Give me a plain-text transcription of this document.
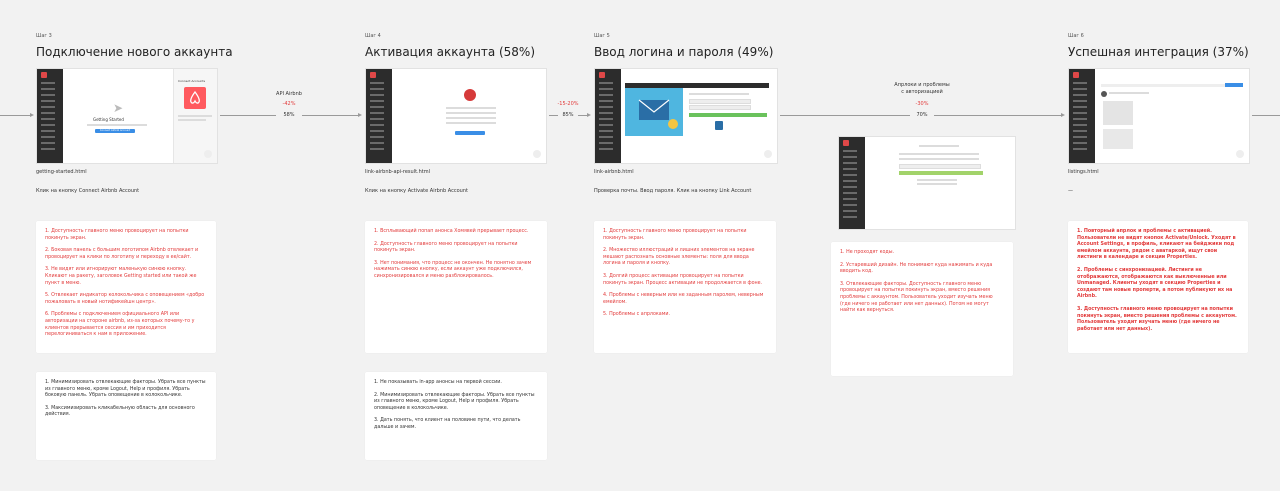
Шаг 3
Подключение нового аккаунта
Шаг 4
Активация аккаунта (58%)
Шаг 5
Ввод логина и пароля (49%)
Шаг 6
Успешная интеграция (37%)
➤
Getting Started
Connect Airbnb Account
Connect Accounts
getting-started.html
Клик на кнопку Connect Airbnb Account
link-airbnb-api-result.html
Клик на кнопку Activate Airbnb Account
link-airbnb.html
Проверка почты. Ввод пароля. Клик на кнопку Link Account
listings.html
—
API Airbnb
-42%
58%
-15-20%
85%
Апрлоки и проблемы
с авторизацией
-30%
70%

1. Доступность главного меню провоцирует на попытки покинуть экран.

2. Боковая панель с большим логотипом Airbnb отвлекает и провоцирует на клики по логотипу и переходу в ее/сайт.

3. Не видят или игнорируют маленькую синюю кнопку. Кликают на ракету, заголовок Getting started или такой же пункт в меню.

5. Отвлекает индикатор колокольчика с оповещением «добро пожаловать в новый нотификейшн центр».

6. Проблемы с подключением официального API или авторизации на стороне airbnb, из-за которых почему-то у клиентов прерывается сессия и им приходится перелогиниваться к нам в приложение.

1. Всплывающий попап анонса Хомявей прерывает процесс.

2. Доступность главного меню провоцирует на попытки покинуть экран.

3. Нет понимания, что процесс не окончен. Не понятно зачем нажимать синюю кнопку, если аккаунт уже подключился, синхронизировался и меню разблокировалось.

1. Доступность главного меню провоцирует на попытки покинуть экран.

2. Множество иллюстраций и лишних элементов на экране мешают распознать основные элементы: поля для ввода логина и пароля и кнопку.

3. Долгий процесс активации провоцирует на попытки покинуть экран. Процесс активации не продолжается в фоне.

4. Проблемы с неверным или не заданным паролем, неверным емейлом.

5. Проблемы с апрлоками.

1. Не проходят коды.

2. Устаревший дизайн. Не понимают куда нажимать и куда вводить код.

3. Отвлекающие факторы. Доступность главного меню провоцирует на попытки покинуть экран, вместо решения проблемы с аккаунтом. Пользователь уходит изучать меню (где ничего не работает или нет данных). Потом не могут найти как вернуться.

1. Повторный апрлок и проблемы с активацией. Пользователи не видят кнопок Activate/Unlock. Уходят в Account Settings, в профиль, кликают на бейджики под емейлом аккаунта, рядом с аватаркой, ищут свои листинги в календаре и секции Properties.

2. Проблемы с синхронизацией. Листинги не отображаются, отображаются как выключенные или Unmanaged. Клиенты уходят в секцию Properties и создают там новые проперти, а потом публикуют их на Airbnb.

3. Доступность главного меню провоцирует на попытки покинуть экран, вместо решения проблемы с аккаунтом. Пользователь уходит изучать меню (где ничего не работает или нет данных).

1. Минимизировать отвлекающие факторы. Убрать все пункты из главного меню, кроме Logout, Help и профиля. Убрать боковую панель. Убрать оповещение в колокольчике.

3. Максимизировать кликабельную область для основного действия.

1. Не показывать in-app анонсы на первой сессии.

2. Минимизировать отвлекающие факторы. Убрать все пункты из главного меню, кроме Logout, Help и профиля. Убрать оповещение в колокольчике.

3. Дать понять, что клиент на половине пути, что делать дальше и зачем.
